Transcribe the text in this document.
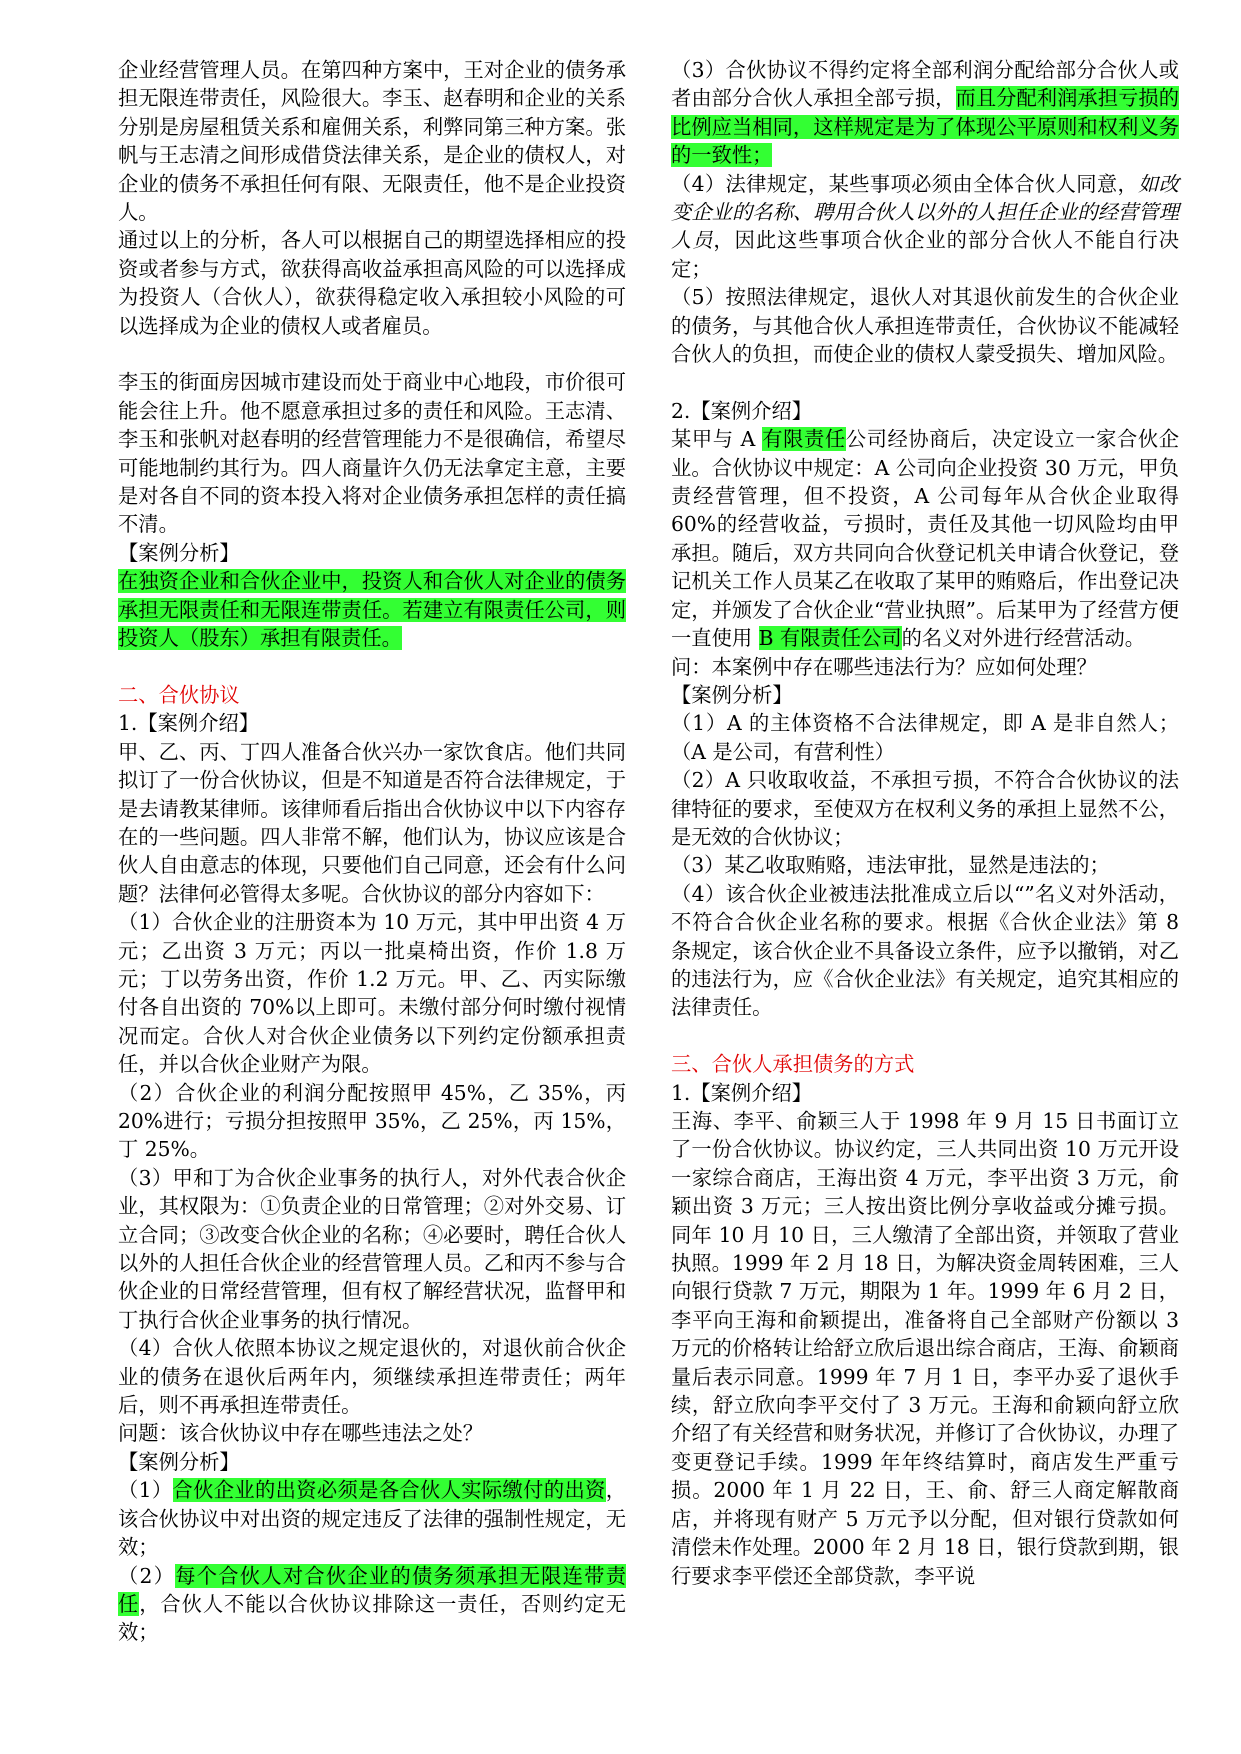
企业经营管理人员。在第四种方案中，王对企业的债务承担无限连带责任，风险很大。李玉、赵春明和企业的关系分别是房屋租赁关系和雇佣关系，利弊同第三种方案。张帆与王志清之间形成借贷法律关系，是企业的债权人，对企业的债务不承担任何有限、无限责任，他不是企业投资人。

通过以上的分析，各人可以根据自己的期望选择相应的投资或者参与方式，欲获得高收益承担高风险的可以选择成为投资人（合伙人），欲获得稳定收入承担较小风险的可以选择成为企业的债权人或者雇员。

李玉的街面房因城市建设而处于商业中心地段，市价很可能会往上升。他不愿意承担过多的责任和风险。王志清、李玉和张帆对赵春明的经营管理能力不是很确信，希望尽可能地制约其行为。四人商量许久仍无法拿定主意，主要是对各自不同的资本投入将对企业债务承担怎样的责任搞不清。

【案例分析】

在独资企业和合伙企业中，投资人和合伙人对企业的债务承担无限责任和无限连带责任。若建立有限责任公司，则投资人（股东）承担有限责任。

二、合伙协议

1.【案例介绍】

甲、乙、丙、丁四人准备合伙兴办一家饮食店。他们共同拟订了一份合伙协议，但是不知道是否符合法律规定，于是去请教某律师。该律师看后指出合伙协议中以下内容存在的一些问题。四人非常不解，他们认为，协议应该是合伙人自由意志的体现，只要他们自己同意，还会有什么问题？法律何必管得太多呢。合伙协议的部分内容如下：

（1）合伙企业的注册资本为 10 万元，其中甲出资 4 万元；乙出资 3 万元；丙以一批桌椅出资，作价 1.8 万元；丁以劳务出资，作价 1.2 万元。甲、乙、丙实际缴付各自出资的 70%以上即可。未缴付部分何时缴付视情况而定。合伙人对合伙企业债务以下列约定份额承担责任，并以合伙企业财产为限。

（2）合伙企业的利润分配按照甲 45%，乙 35%，丙 20%进行；亏损分担按照甲 35%，乙 25%，丙 15%，丁 25%。

（3）甲和丁为合伙企业事务的执行人，对外代表合伙企业，其权限为：①负责企业的日常管理；②对外交易、订立合同；③改变合伙企业的名称；④必要时，聘任合伙人以外的人担任合伙企业的经营管理人员。乙和丙不参与合伙企业的日常经营管理，但有权了解经营状况，监督甲和丁执行合伙企业事务的执行情况。

（4）合伙人依照本协议之规定退伙的，对退伙前合伙企业的债务在退伙后两年内，须继续承担连带责任；两年后，则不再承担连带责任。

问题：该合伙协议中存在哪些违法之处？

【案例分析】

（1）合伙企业的出资必须是各合伙人实际缴付的出资，该合伙协议中对出资的规定违反了法律的强制性规定，无效；

（2）每个合伙人对合伙企业的债务须承担无限连带责任，合伙人不能以合伙协议排除这一责任，否则约定无效；

（3）合伙协议不得约定将全部利润分配给部分合伙人或者由部分合伙人承担全部亏损，而且分配利润承担亏损的比例应当相同，这样规定是为了体现公平原则和权利义务的一致性；

（4）法律规定，某些事项必须由全体合伙人同意，如改变企业的名称、聘用合伙人以外的人担任企业的经营管理人员，因此这些事项合伙企业的部分合伙人不能自行决定；

（5）按照法律规定，退伙人对其退伙前发生的合伙企业的债务，与其他合伙人承担连带责任，合伙协议不能减轻合伙人的负担，而使企业的债权人蒙受损失、增加风险。

2.【案例介绍】

某甲与 A 有限责任公司经协商后，决定设立一家合伙企业。合伙协议中规定：A 公司向企业投资 30 万元，甲负责经营管理，但不投资，A 公司每年从合伙企业取得 60%的经营收益，亏损时，责任及其他一切风险均由甲承担。随后，双方共同向合伙登记机关申请合伙登记，登记机关工作人员某乙在收取了某甲的贿赂后，作出登记决定，并颁发了合伙企业“营业执照”。后某甲为了经营方便一直使用 B 有限责任公司的名义对外进行经营活动。

问：本案例中存在哪些违法行为？应如何处理？

【案例分析】

（1）A 的主体资格不合法律规定，即 A 是非自然人；（A 是公司，有营利性）

（2）A 只收取收益，不承担亏损，不符合合伙协议的法律特征的要求，至使双方在权利义务的承担上显然不公，是无效的合伙协议；

（3）某乙收取贿赂，违法审批，显然是违法的；

（4）该合伙企业被违法批准成立后以“”名义对外活动，不符合合伙企业名称的要求。根据《合伙企业法》第 8 条规定，该合伙企业不具备设立条件，应予以撤销，对乙的违法行为，应《合伙企业法》有关规定，追究其相应的法律责任。

三、合伙人承担债务的方式

1.【案例介绍】

王海、李平、俞颖三人于 1998 年 9 月 15 日书面订立了一份合伙协议。协议约定，三人共同出资 10 万元开设一家综合商店，王海出资 4 万元，李平出资 3 万元，俞颖出资 3 万元；三人按出资比例分享收益或分摊亏损。同年 10 月 10 日，三人缴清了全部出资，并领取了营业执照。1999 年 2 月 18 日，为解决资金周转困难，三人向银行贷款 7 万元，期限为 1 年。1999 年 6 月 2 日，李平向王海和俞颖提出，准备将自己全部财产份额以 3 万元的价格转让给舒立欣后退出综合商店，王海、俞颖商量后表示同意。1999 年 7 月 1 日，李平办妥了退伙手续，舒立欣向李平交付了 3 万元。王海和俞颖向舒立欣介绍了有关经营和财务状况，并修订了合伙协议，办理了变更登记手续。1999 年年终结算时，商店发生严重亏损。2000 年 1 月 22 日，王、俞、舒三人商定解散商店，并将现有财产 5 万元予以分配，但对银行贷款如何清偿未作处理。2000 年 2 月 18 日，银行贷款到期，银行要求李平偿还全部贷款，李平说
